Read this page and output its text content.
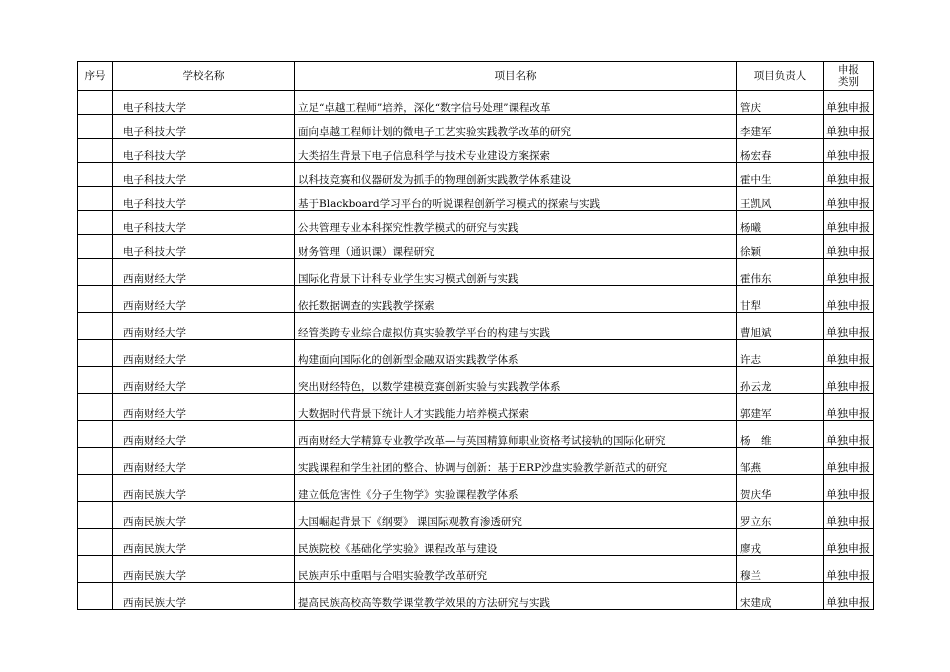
序号	学校名称	项目名称	项目负责人	申报
类别
	电子科技大学	立足“卓越工程师”培养，深化“数字信号处理”课程改革	管庆	单独申报
	电子科技大学	面向卓越工程师计划的微电子工艺实验实践教学改革的研究	李建军	单独申报
	电子科技大学	大类招生背景下电子信息科学与技术专业建设方案探索	杨宏春	单独申报
	电子科技大学	以科技竞赛和仪器研发为抓手的物理创新实践教学体系建设	霍中生	单独申报
	电子科技大学	基于Blackboard学习平台的听说课程创新学习模式的探索与实践	王凯风	单独申报
	电子科技大学	公共管理专业本科探究性教学模式的研究与实践	杨曦	单独申报
	电子科技大学	财务管理（通识课）课程研究	徐颖	单独申报
	西南财经大学	国际化背景下计科专业学生实习模式创新与实践	霍伟东	单独申报
	西南财经大学	依托数据调查的实践教学探索	甘犁	单独申报
	西南财经大学	经管类跨专业综合虚拟仿真实验教学平台的构建与实践	曹旭斌	单独申报
	西南财经大学	构建面向国际化的创新型金融双语实践教学体系	许志	单独申报
	西南财经大学	突出财经特色，以数学建模竞赛创新实验与实践教学体系	孙云龙	单独申报
	西南财经大学	大数据时代背景下统计人才实践能力培养模式探索	郭建军	单独申报
	西南财经大学	西南财经大学精算专业教学改革—与英国精算师职业资格考试接轨的国际化研究	杨　维	单独申报
	西南财经大学	实践课程和学生社团的整合、协调与创新：基于ERP沙盘实验教学新范式的研究	邹燕	单独申报
	西南民族大学	建立低危害性《分子生物学》实验课程教学体系	贺庆华	单独申报
	西南民族大学	大国崛起背景下《纲要》 课国际观教育渗透研究	罗立东	单独申报
	西南民族大学	民族院校《基础化学实验》课程改革与建设	廖戎	单独申报
	西南民族大学	民族声乐中重唱与合唱实验教学改革研究	穆兰	单独申报
	西南民族大学	提高民族高校高等数学课堂教学效果的方法研究与实践	宋建成	单独申报
